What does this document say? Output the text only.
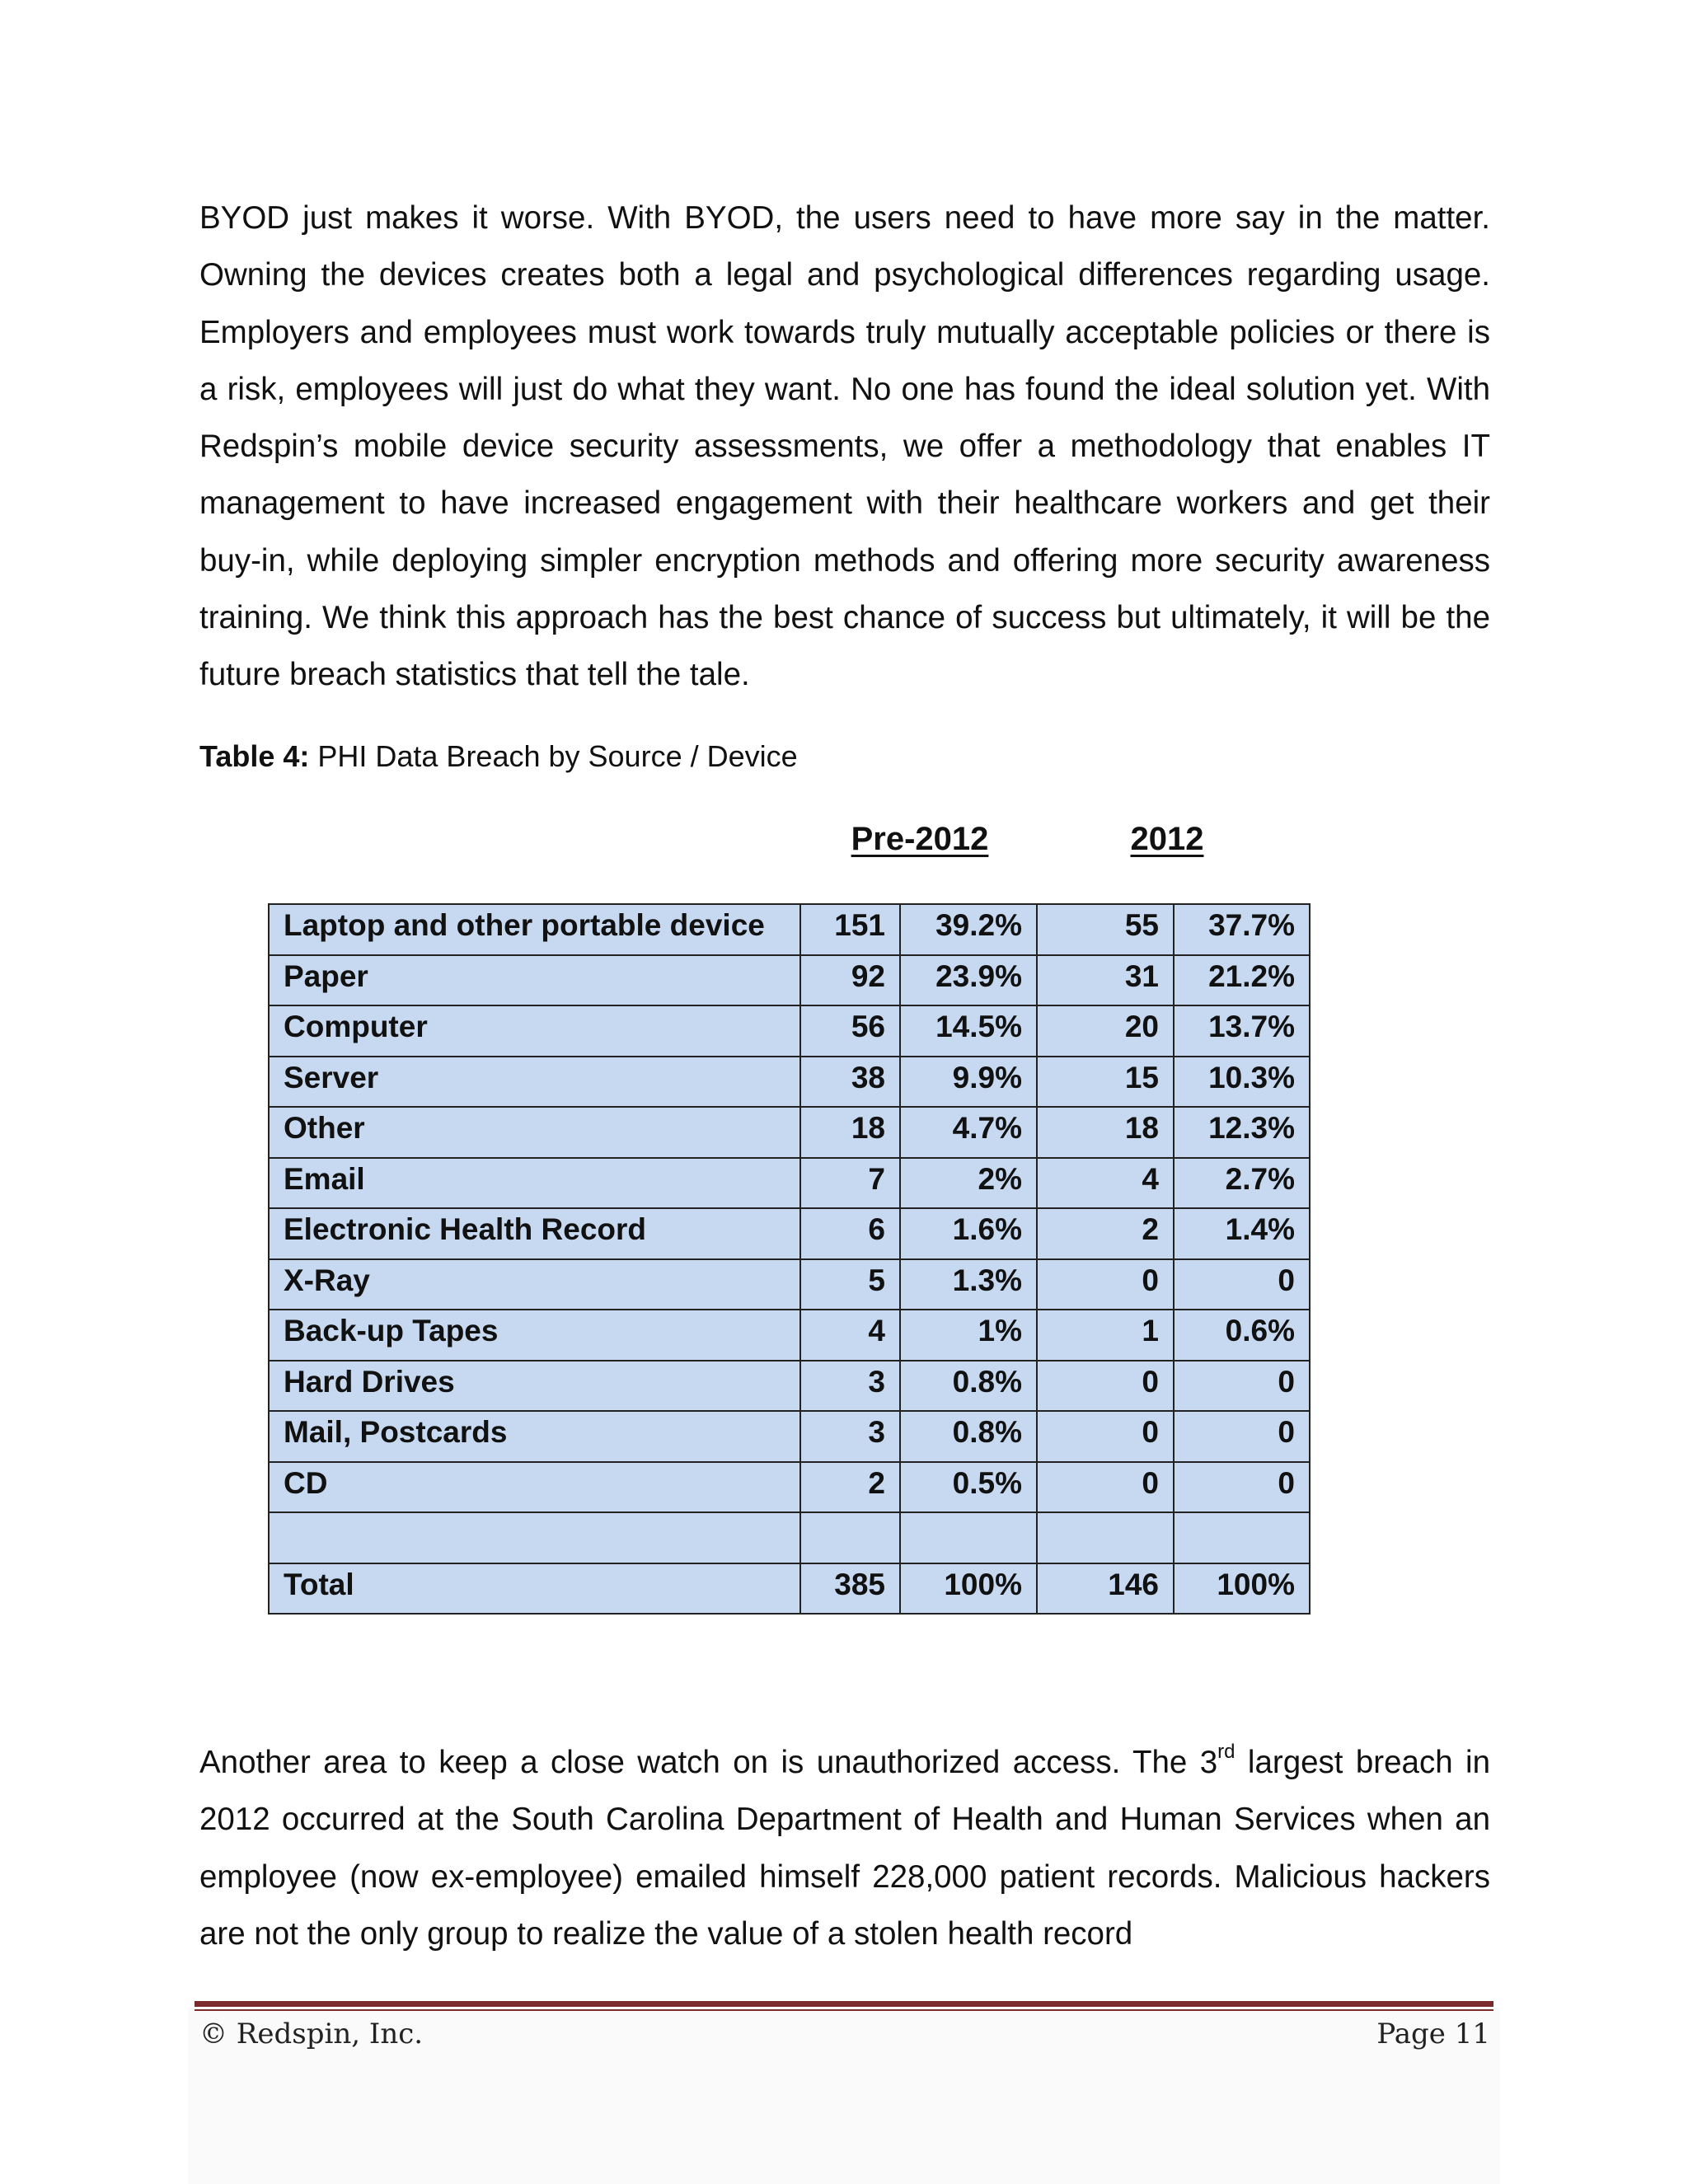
BYOD just makes it worse. With BYOD, the users need to have more say in the matter. Owning the devices creates both a legal and psychological differences regarding usage. Employers and employees must work towards truly mutually acceptable policies or there is a risk, employees will just do what they want. No one has found the ideal solution yet. With Redspin’s mobile device security assessments, we offer a methodology that enables IT management to have increased engagement with their healthcare workers and get their buy-in, while deploying simpler encryption methods and offering more security awareness training. We think this approach has the best chance of success but ultimately, it will be the future breach statistics that tell the tale.

Table 4: PHI Data Breach by Source / Device
Pre-2012	2012
Laptop and other portable device	151	39.2%	55	37.7%
Paper	92	23.9%	31	21.2%
Computer	56	14.5%	20	13.7%
Server	38	9.9%	15	10.3%
Other	18	4.7%	18	12.3%
Email	7	2%	4	2.7%
Electronic Health Record	6	1.6%	2	1.4%
X-Ray	5	1.3%	0	0
Back-up Tapes	4	1%	1	0.6%
Hard Drives	3	0.8%	0	0
Mail, Postcards	3	0.8%	0	0
CD	2	0.5%	0	0

Total	385	100%	146	100%

Another area to keep a close watch on is unauthorized access. The 3rd largest breach in 2012 occurred at the South Carolina Department of Health and Human Services when an employee (now ex-employee) emailed himself 228,000 patient records. Malicious hackers are not the only group to realize the value of a stolen health record

© Redspin, Inc.	Page 11
